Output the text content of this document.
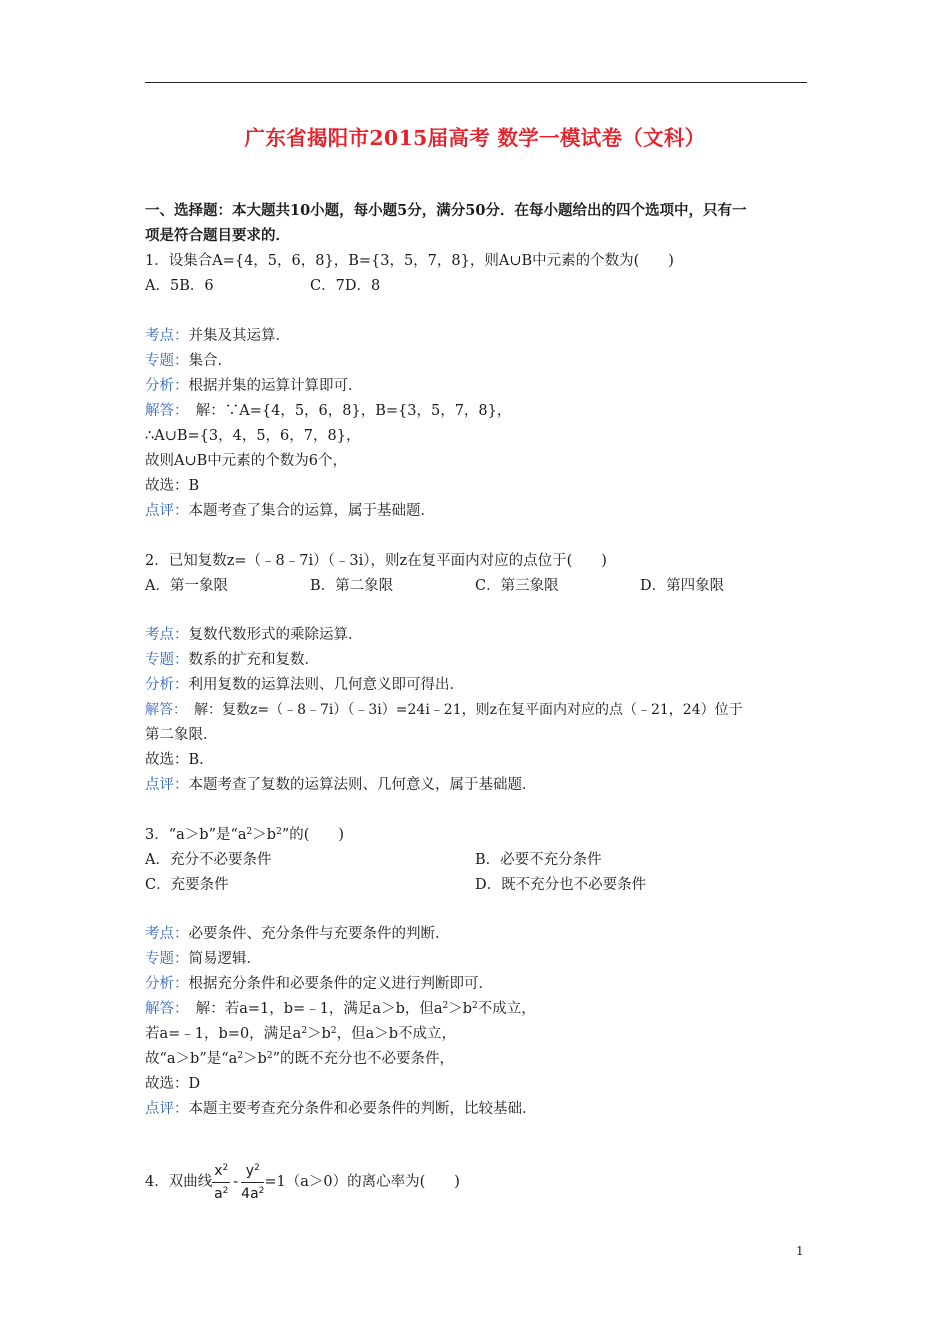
广东省揭阳市2015届高考 数学一模试卷（文科）
一、选择题：本大题共10小题，每小题5分，满分50分．在每小题给出的四个选项中，只有一
项是符合题目要求的．
1．设集合A={4，5，6，8}，B={3，5，7，8}，则A∪B中元素的个数为(　　)
A．5B．6	C．7D．8
考点：并集及其运算．
专题：集合．
分析：根据并集的运算计算即可．
解答：　解：∵A={4，5，6，8}，B={3，5，7，8}，
∴A∪B={3，4，5，6，7，8}，
故则A∪B中元素的个数为6个，
故选：B
点评：本题考查了集合的运算，属于基础题．
2．已知复数z=（﹣8﹣7i）（﹣3i），则z在复平面内对应的点位于(　　)
A．第一象限	B．第二象限	C．第三象限	D．第四象限
考点：复数代数形式的乘除运算．
专题：数系的扩充和复数．
分析：利用复数的运算法则、几何意义即可得出．
解答：　解：复数z=（﹣8﹣7i）（﹣3i）=24i﹣21，则z在复平面内对应的点（﹣21，24）位于
第二象限．
故选：B．
点评：本题考查了复数的运算法则、几何意义，属于基础题．
3．“a＞b”是“$a^2>b^2$”的(　　)
A．充分不必要条件	B．必要不充分条件
C．充要条件	D．既不充分也不必要条件
考点：必要条件、充分条件与充要条件的判断．
专题：简易逻辑．
分析：根据充分条件和必要条件的定义进行判断即可．
解答：　解：若a=1，b=﹣1，满足a＞b，但$a^2>b^2$不成立，
若a=﹣1，b=0，满足$a^2>b^2$，但a＞b不成立，
故“a＞b”是“$a^2>b^2$”的既不充分也不必要条件，
故选：D
点评：本题主要考查充分条件和必要条件的判断，比较基础．
4．双曲线 $\frac{x^2}{a^2} - \frac{y^2}{4a^2} =1(a>0)$的离心率为(　　)
1
